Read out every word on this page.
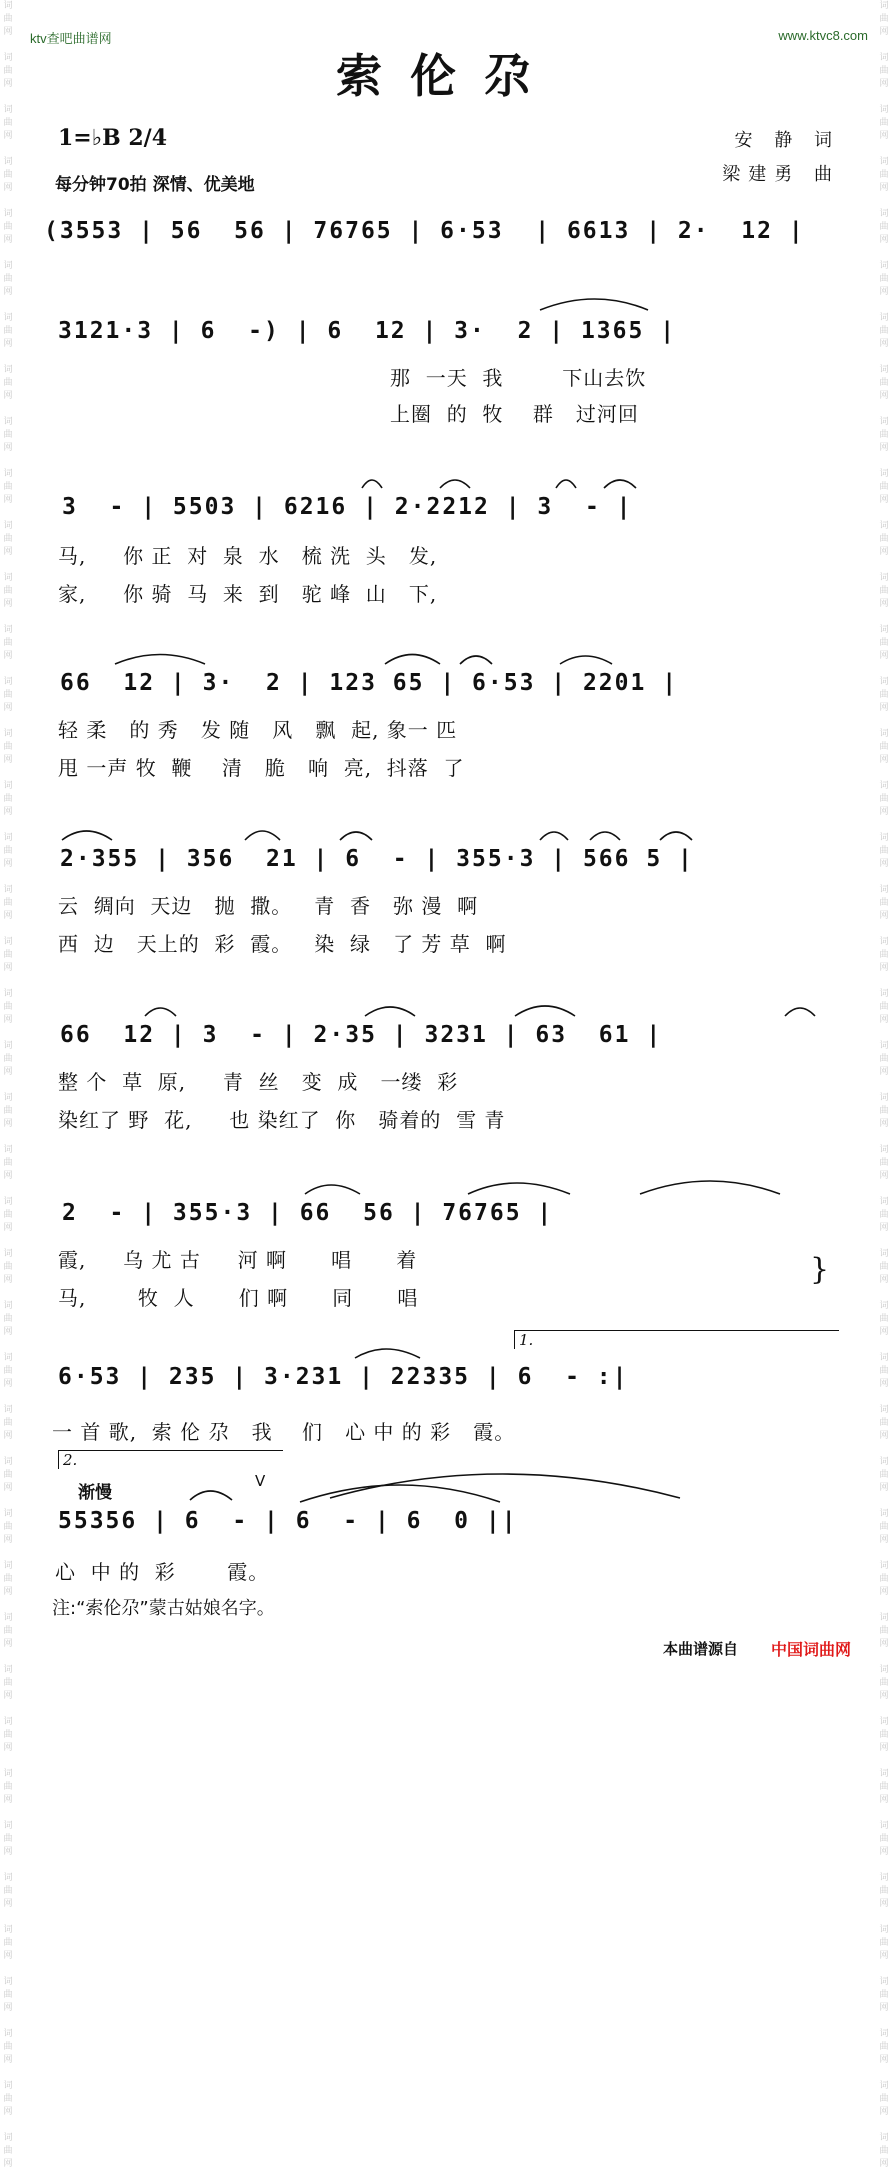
词
曲
网

词
曲
网

词
曲
网

词
曲
网

词
曲
网

词
曲
网

词
曲
网

词
曲
网

词
曲
网

词
曲
网

词
曲
网

词
曲
网

词
曲
网

词
曲
网

词
曲
网

词
曲
网

词
曲
网

词
曲
网

词
曲
网

词
曲
网

词
曲
网

词
曲
网

词
曲
网

词
曲
网

词
曲
网

词
曲
网

词
曲
网

词
曲
网

词
曲
网

词
曲
网

词
曲
网

词
曲
网

词
曲
网

词
曲
网

词
曲
网

词
曲
网

词
曲
网

词
曲
网

词
曲
网

词
曲
网

词
曲
网

词
曲
网

词
曲
网

词
曲
网

词
曲
网

词
曲
网

词
曲
网

词
曲
网

词
曲
网

词
曲
网

词
曲
网

词
曲
网

词
曲
网

词
曲
网

词
曲
网

词
曲
网

词
曲
网

词
曲
网

词
曲
网

词
曲
网

词
曲
网

词
曲
网

词
曲
网

词
曲
网

词
曲
网

词
曲
网

词
曲
网

词
曲
网

词
曲
网

词
曲
网

词
曲
网

词
曲
网

词
曲
网

词
曲
网

词
曲
网

词
曲
网

词
曲
网

词
曲
网

词
曲
网

词
曲
网

词
曲
网

词
曲
网

词
曲
网

词
曲
网

ktv查吧曲谱网	www.ktvc8.com
索伦尕
1=♭B 2/4
每分钟70拍 深情、优美地
安 静 词
梁建勇 曲
(3553 | 56  56 | 76765 | 6·53  | 6613 | 2·  12 |
3121·3 | 6  -) | 6  12 | 3·  2 | 1365 |
那  一天  我        下山去饮
上圈  的  牧    群   过河回
3  - | 5503 | 6216 | 2·2212 | 3  - |
马,     你 正  对  泉  水   梳 洗  头   发,
家,     你 骑  马  来  到   驼 峰  山   下,
66  12 | 3·  2 | 123 65 | 6·53 | 2201 |
轻 柔   的 秀   发 随   风   飘  起, 象一 匹
甩 一声 牧  鞭    清   脆   响  亮,  抖落  了
2·355 | 356  21 | 6  - | 355·3 | 566 5 |
云  绸向  天边   抛  撒。   青  香   弥 漫  啊
西  边   天上的  彩  霞。   染  绿   了 芳 草  啊
66  12 | 3  - | 2·35 | 3231 | 63  61 |
整 个  草  原,     青  丝   变  成   一缕  彩
染红了 野  花,     也 染红了  你   骑着的  雪 青
2  - | 355·3 | 66  56 | 76765 |
霞,     乌 尤 古     河 啊      唱      着
马,       牧  人      们 啊      同      唱
}
1.
6·53 | 235 | 3·231 | 22335 | 6  - :|
一 首 歌,  索 伦 尕   我    们   心 中 的 彩   霞。
2.
渐慢
V
55356 | 6  - | 6  - | 6  0 ||
心  中 的  彩       霞。
注:“索伦尕”蒙古姑娘名字。
本曲谱源自 中国词曲网
